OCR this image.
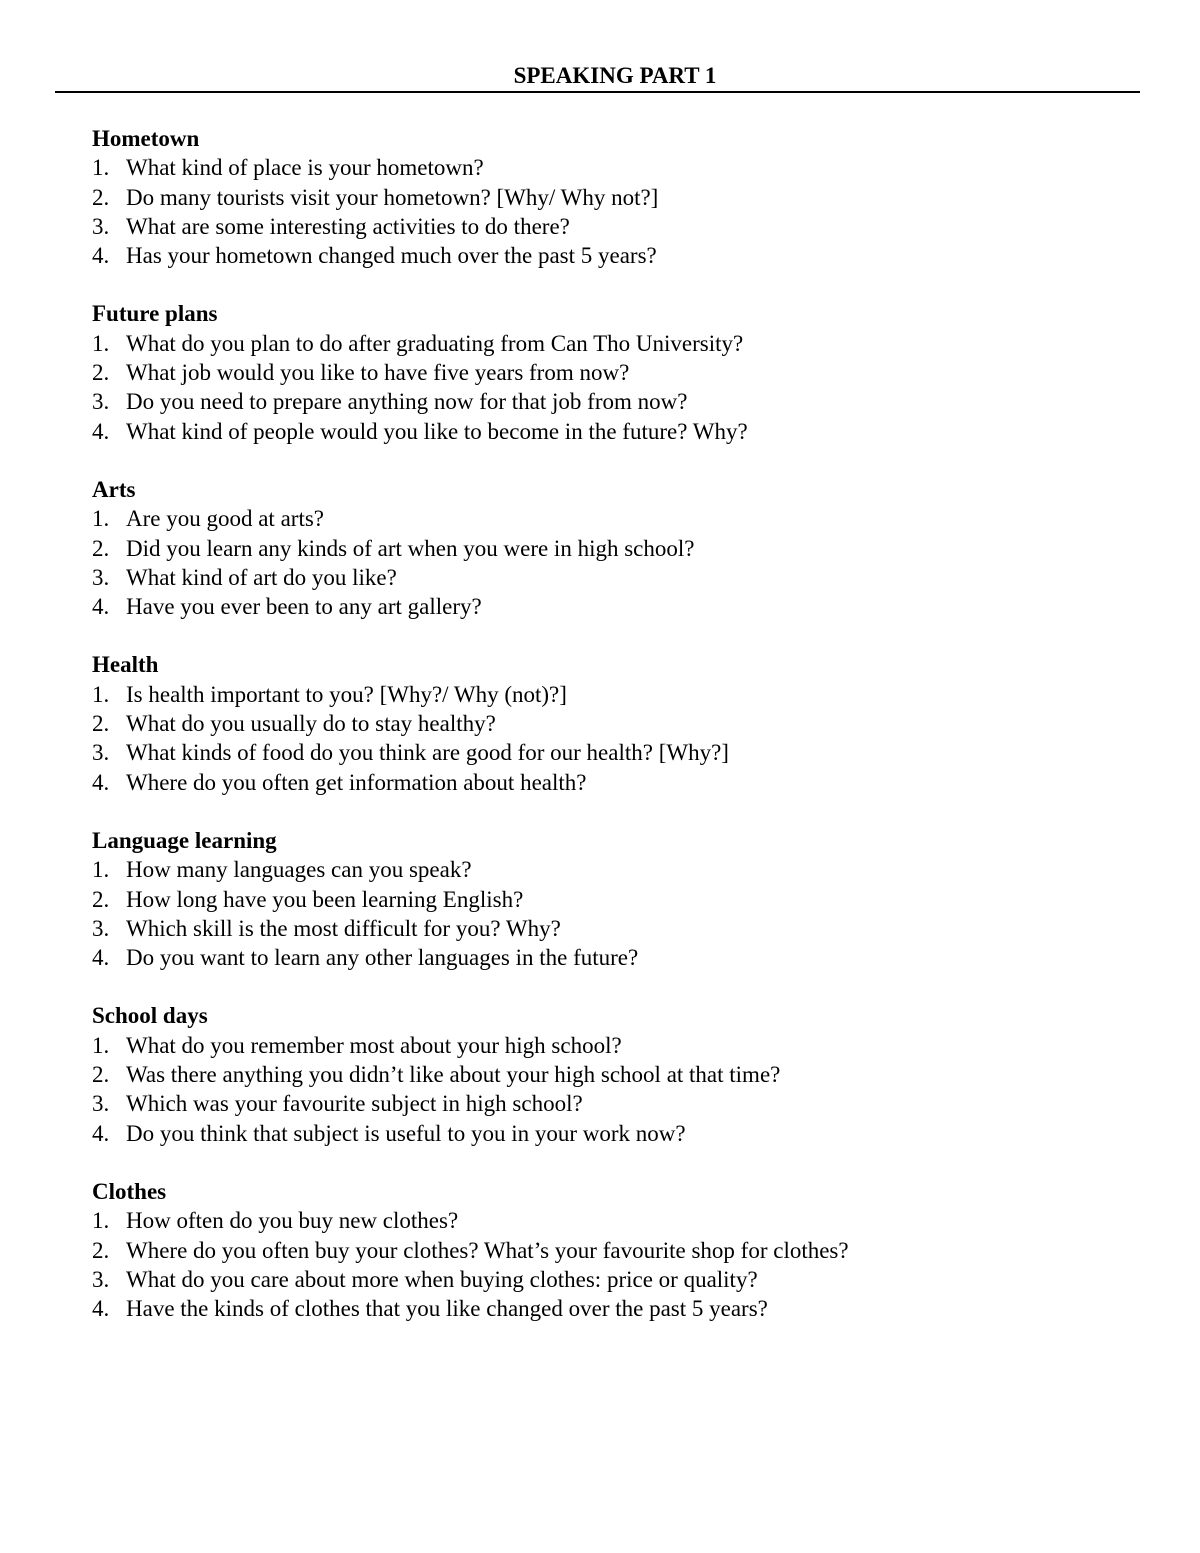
SPEAKING PART 1
Hometown
1. What kind of place is your hometown?
2. Do many tourists visit your hometown? [Why/ Why not?]
3. What are some interesting activities to do there?
4. Has your hometown changed much over the past 5 years?
Future plans
1. What do you plan to do after graduating from Can Tho University?
2. What job would you like to have five years from now?
3. Do you need to prepare anything now for that job from now?
4. What kind of people would you like to become in the future? Why?
Arts
1. Are you good at arts?
2. Did you learn any kinds of art when you were in high school?
3. What kind of art do you like?
4. Have you ever been to any art gallery?
Health
1. Is health important to you? [Why?/ Why (not)?]
2. What do you usually do to stay healthy?
3. What kinds of food do you think are good for our health? [Why?]
4. Where do you often get information about health?
Language learning
1. How many languages can you speak?
2. How long have you been learning English?
3. Which skill is the most difficult for you? Why?
4. Do you want to learn any other languages in the future?
School days
1. What do you remember most about your high school?
2. Was there anything you didn’t like about your high school at that time?
3. Which was your favourite subject in high school?
4. Do you think that subject is useful to you in your work now?
Clothes
1. How often do you buy new clothes?
2. Where do you often buy your clothes? What’s your favourite shop for clothes?
3. What do you care about more when buying clothes: price or quality?
4. Have the kinds of clothes that you like changed over the past 5 years?
